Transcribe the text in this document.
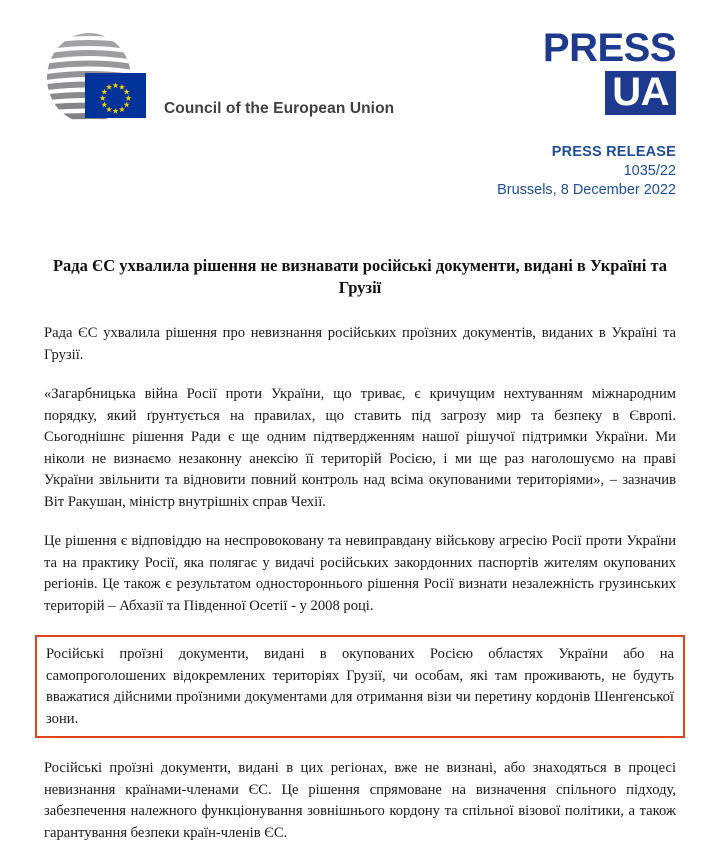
Council of the European Union
PRESS
UA
PRESS RELEASE
1035/22
Brussels, 8 December 2022
Рада ЄС ухвалила рішення не визнавати російські документи, видані в Україні та Грузії

Рада ЄС ухвалила рішення про невизнання російських проїзних документів, виданих в Україні та Грузії.

«Загарбницька війна Росії проти України, що триває, є кричущим нехтуванням міжнародним порядку, який ґрунтується на правилах, що ставить під загрозу мир та безпеку в Європі. Сьогоднішнє рішення Ради є ще одним підтвердженням нашої рішучої підтримки України. Ми ніколи не визнаємо незаконну анексію її територій Росією, і ми ще раз наголошуємо на праві України звільнити та відновити повний контроль над всіма окупованими територіями», – зазначив Віт Ракушан, міністр внутрішніх справ Чехії.

Це рішення є відповіддю на неспровоковану та невиправдану військову агресію Росії проти України та на практику Росії, яка полягає у видачі російських закордонних паспортів жителям окупованих регіонів. Це також є результатом одностороннього рішення Росії визнати незалежність грузинських територій – Абхазії та Південної Осетії - у 2008 році.

Російські проїзні документи, видані в окупованих Росією областях України або на самопроголошених відокремлених територіях Грузії, чи особам, які там проживають, не будуть вважатися дійсними проїзними документами для отримання візи чи перетину кордонів Шенгенської зони.

Російські проїзні документи, видані в цих регіонах, вже не визнані, або знаходяться в процесі невизнання країнами-членами ЄС. Це рішення спрямоване на визначення спільного підходу, забезпечення належного функціонування зовнішнього кордону та спільної візової політики, а також гарантування безпеки країн-членів ЄС.
